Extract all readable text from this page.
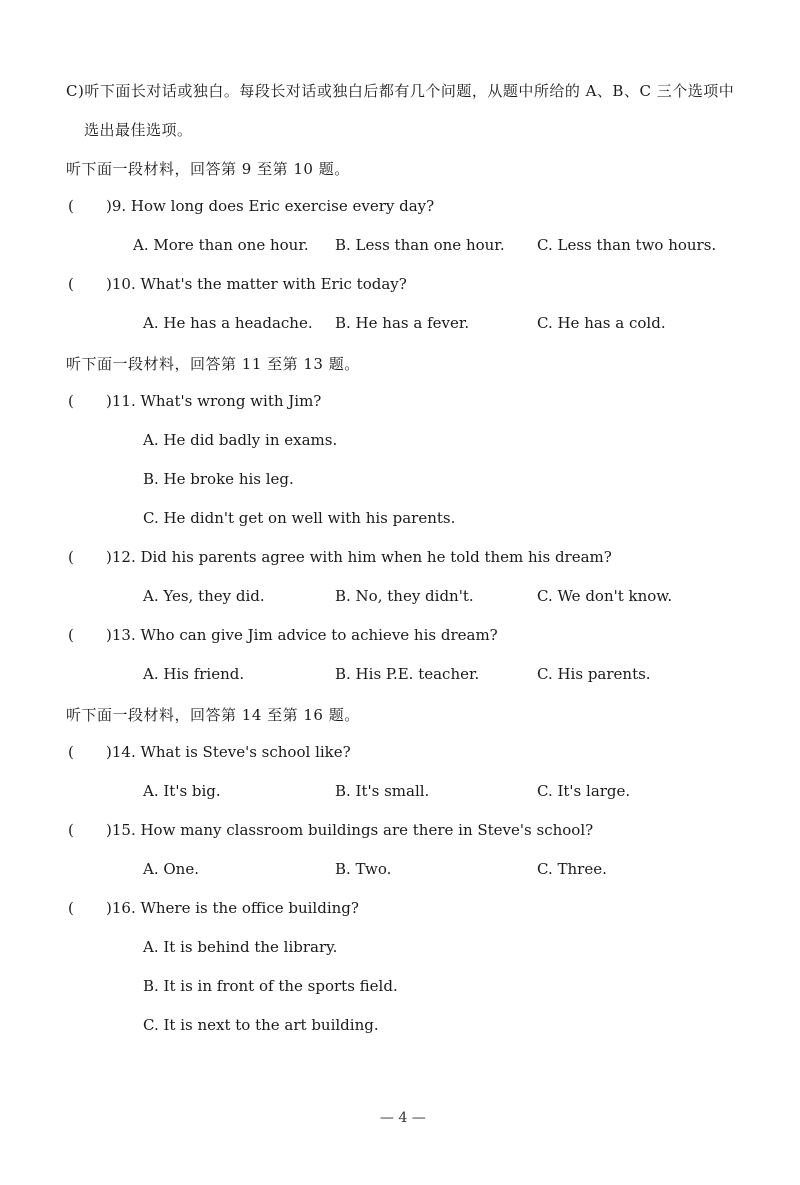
C)听下面长对话或独白。每段长对话或独白后都有几个问题，从题中所给的 A、B、C 三个选项中
选出最佳选项。
听下面一段材料，回答第 9 至第 10 题。
( )9. How long does Eric exercise every day?
A. More than one hour. B. Less than one hour. C. Less than two hours.
( )10. What's the matter with Eric today?
A. He has a headache. B. He has a fever.	C. He has a cold.
听下面一段材料，回答第 11 至第 13 题。
( )11. What's wrong with Jim?
A. He did badly in exams.
B. He broke his leg.
C. He didn't get on well with his parents.
( )12. Did his parents agree with him when he told them his dream?
A. Yes, they did.	B. No, they didn't.	C. We don't know.
( )13. Who can give Jim advice to achieve his dream?
A. His friend.	B. His P.E. teacher.	C. His parents.
听下面一段材料，回答第 14 至第 16 题。
( )14. What is Steve's school like?
A. It's big.	B. It's small.	C. It's large.
( )15. How many classroom buildings are there in Steve's school?
A. One.	B. Two.	C. Three.
( )16. Where is the office building?
A. It is behind the library.
B. It is in front of the sports field.
C. It is next to the art building.
— 4 —
